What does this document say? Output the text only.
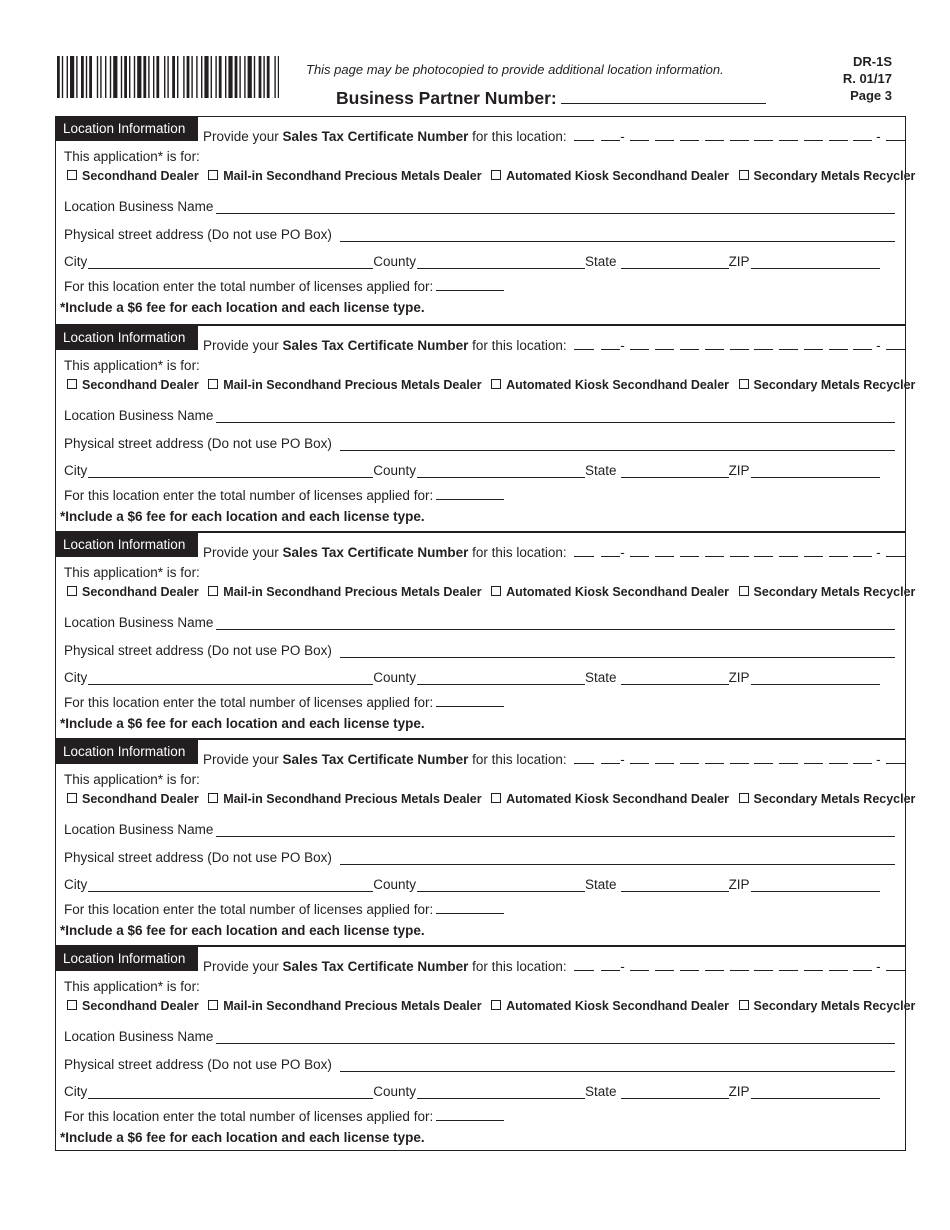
This page may be photocopied to provide additional location information.
Business Partner Number:
DR-1S
R. 01/17
Page 3
Location Information
Provide your Sales Tax Certificate Number for this location:	-	-
This application* is for:
Secondhand Dealer Mail-in Secondhand Precious Metals Dealer Automated Kiosk Secondhand Dealer Secondary Metals Recycler
Location Business Name
Physical street address (Do not use PO Box)
City	County	State	ZIP
For this location enter the total number of licenses applied for:
*Include a $6 fee for each location and each license type.
Location Information
Provide your Sales Tax Certificate Number for this location:	-	-
This application* is for:
Secondhand Dealer Mail-in Secondhand Precious Metals Dealer Automated Kiosk Secondhand Dealer Secondary Metals Recycler
Location Business Name
Physical street address (Do not use PO Box)
City	County	State	ZIP
For this location enter the total number of licenses applied for:
*Include a $6 fee for each location and each license type.
Location Information
Provide your Sales Tax Certificate Number for this location:	-	-
This application* is for:
Secondhand Dealer Mail-in Secondhand Precious Metals Dealer Automated Kiosk Secondhand Dealer Secondary Metals Recycler
Location Business Name
Physical street address (Do not use PO Box)
City	County	State	ZIP
For this location enter the total number of licenses applied for:
*Include a $6 fee for each location and each license type.
Location Information
Provide your Sales Tax Certificate Number for this location:	-	-
This application* is for:
Secondhand Dealer Mail-in Secondhand Precious Metals Dealer Automated Kiosk Secondhand Dealer Secondary Metals Recycler
Location Business Name
Physical street address (Do not use PO Box)
City	County	State	ZIP
For this location enter the total number of licenses applied for:
*Include a $6 fee for each location and each license type.
Location Information
Provide your Sales Tax Certificate Number for this location:	-	-
This application* is for:
Secondhand Dealer Mail-in Secondhand Precious Metals Dealer Automated Kiosk Secondhand Dealer Secondary Metals Recycler
Location Business Name
Physical street address (Do not use PO Box)
City	County	State	ZIP
For this location enter the total number of licenses applied for:
*Include a $6 fee for each location and each license type.
